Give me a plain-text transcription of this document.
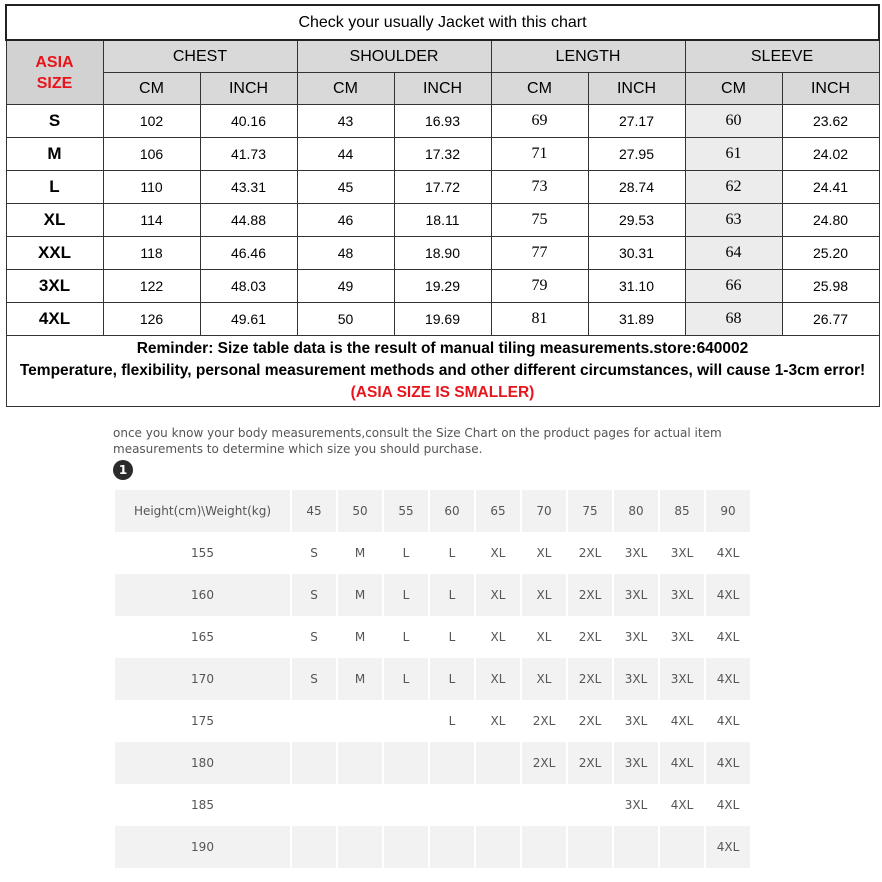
Check your usually Jacket with this chart								
ASIA
SIZE	CHEST		SHOULDER		LENGTH		SLEEVE	
	CM	INCH	CM	INCH	CM	INCH	CM	INCH
S	102	40.16	43	16.93	69	27.17	60	23.62
M	106	41.73	44	17.32	71	27.95	61	24.02
L	110	43.31	45	17.72	73	28.74	62	24.41
XL	114	44.88	46	18.11	75	29.53	63	24.80
XXL	118	46.46	48	18.90	77	30.31	64	25.20
3XL	122	48.03	49	19.29	79	31.10	66	25.98
4XL	126	49.61	50	19.69	81	31.89	68	26.77
Reminder: Size table data is the result of manual tiling measurements.store:640002
Temperature, flexibility, personal measurement methods and other different circumstances, will cause 1-3cm error!(ASIA SIZE IS SMALLER)								
once you know your body measurements,consult the Size Chart on the product pages for actual item measurements to determine which size you should purchase.
1
Height(cm)\Weight(kg)	45	50	55	60	65	70	75	80	85	90
155	S	M	L	L	XL	XL	2XL	3XL	3XL	4XL
160	S	M	L	L	XL	XL	2XL	3XL	3XL	4XL
165	S	M	L	L	XL	XL	2XL	3XL	3XL	4XL
170	S	M	L	L	XL	XL	2XL	3XL	3XL	4XL
175				L	XL	2XL	2XL	3XL	4XL	4XL
180						2XL	2XL	3XL	4XL	4XL
185								3XL	4XL	4XL
190										4XL
